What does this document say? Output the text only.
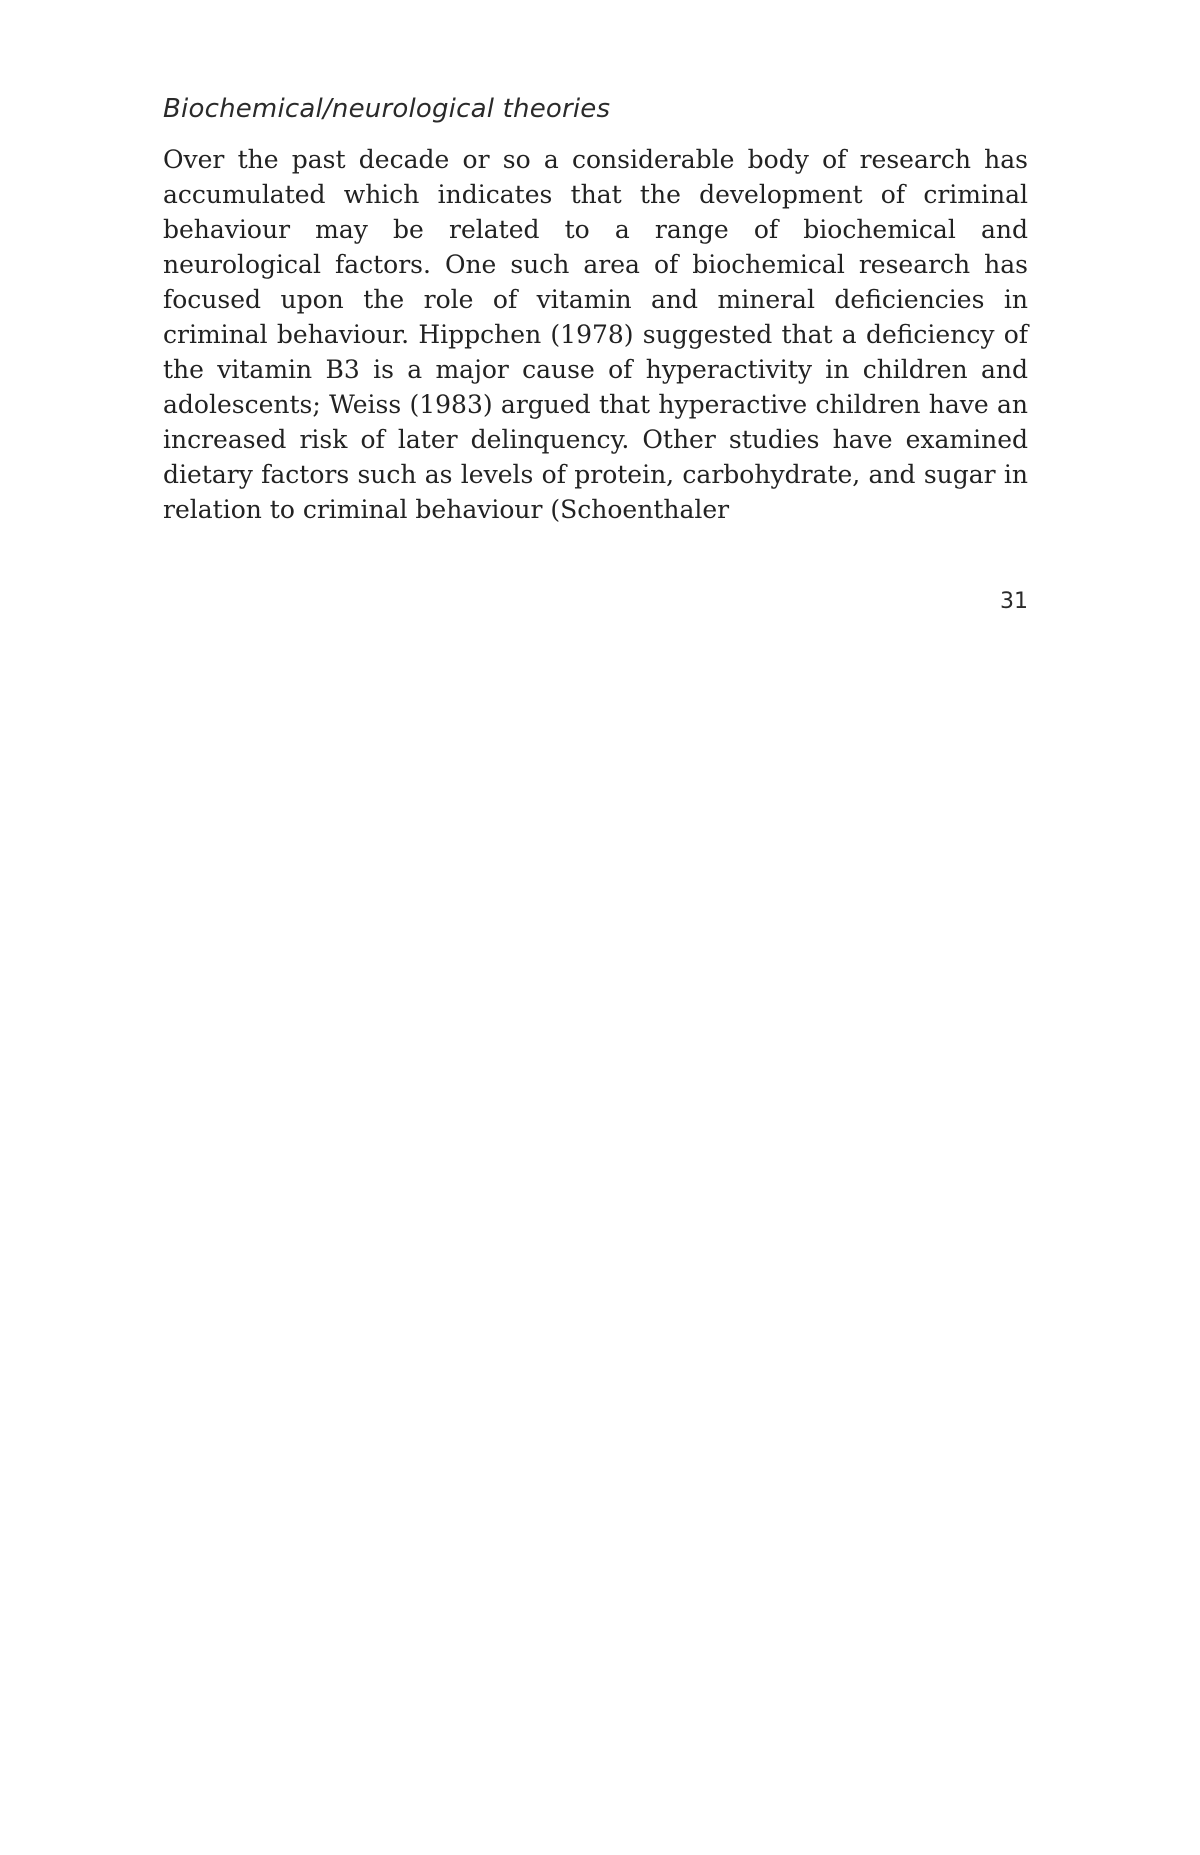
Biochemical/neurological theories

Over the past decade or so a considerable body of research has accumulated which indicates that the development of criminal behaviour may be related to a range of biochemical and neurological factors. One such area of biochemical research has focused upon the role of vitamin and mineral deficiencies in criminal behaviour. Hippchen (1978) suggested that a deficiency of the vitamin B3 is a major cause of hyperactivity in children and adolescents; Weiss (1983) argued that hyperactive children have an increased risk of later delinquency. Other studies have examined dietary factors such as levels of protein, carbohydrate, and sugar in relation to criminal behaviour (Schoenthaler

31
